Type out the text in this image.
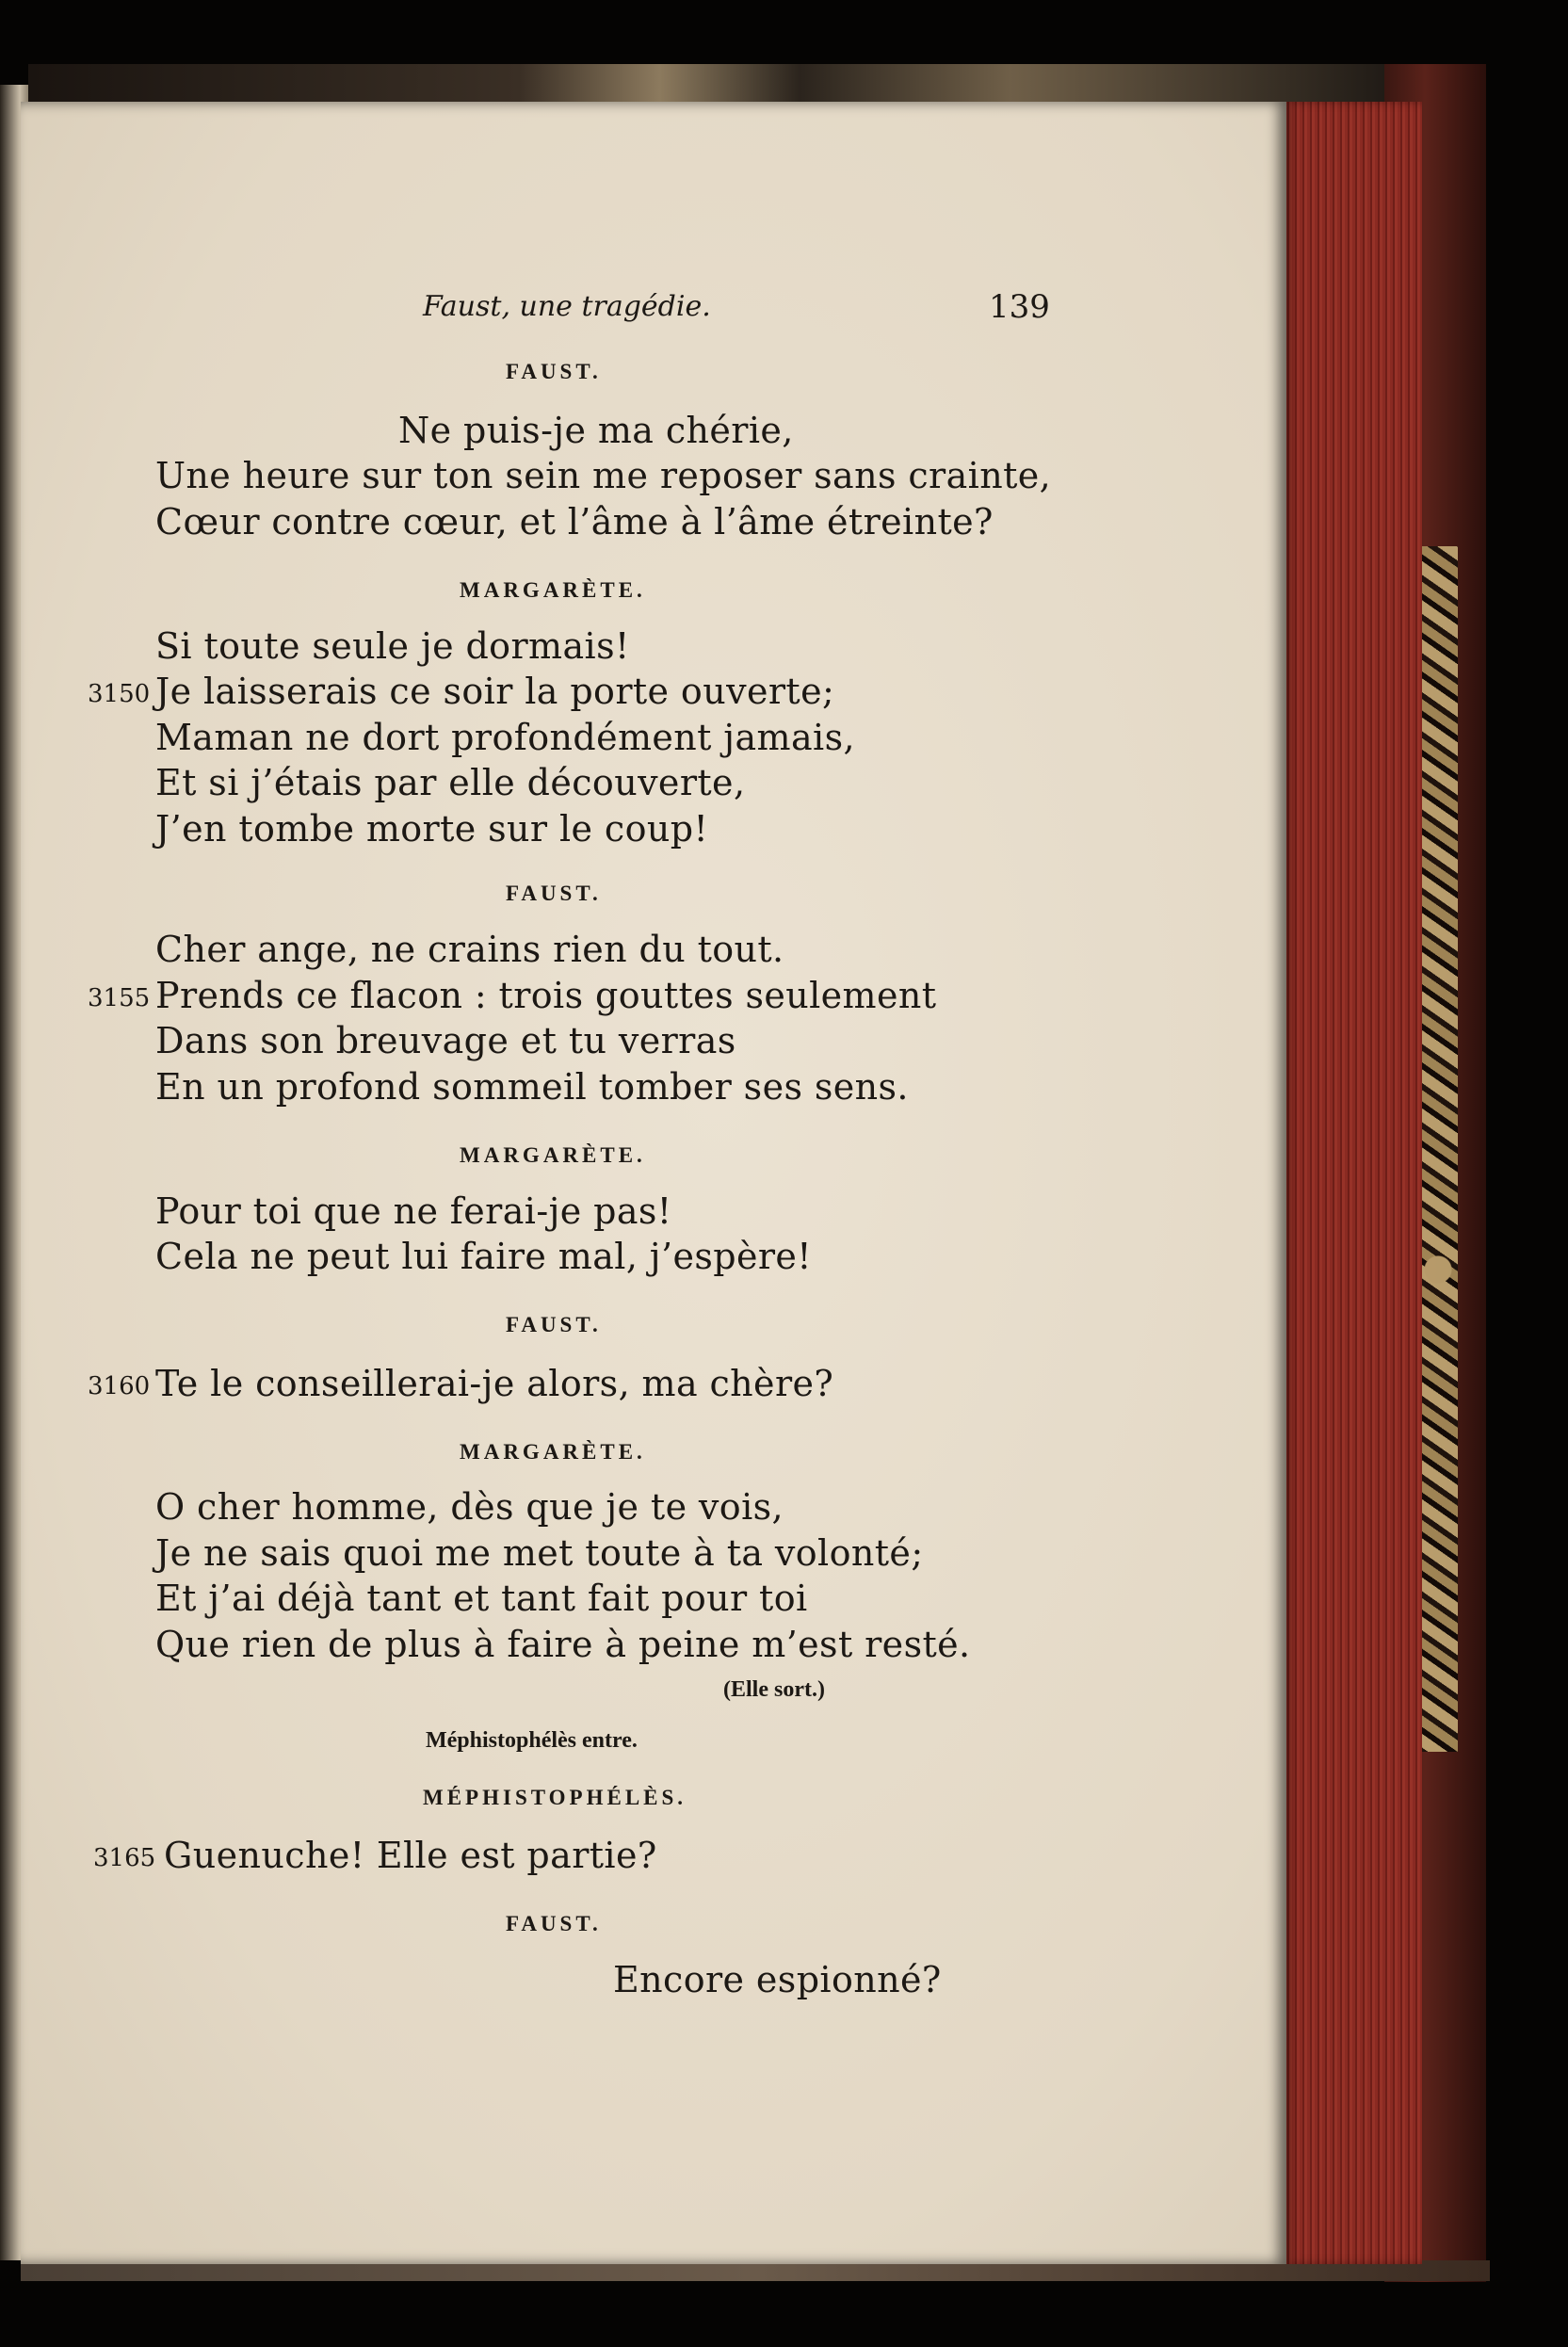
Faust, une tragédie.	139
FAUST.
Ne puis-je ma chérie,
Une heure sur ton sein me reposer sans crainte,
Cœur contre cœur, et l’âme à l’âme étreinte?
MARGARÈTE.
Si toute seule je dormais!
3150 Je laisserais ce soir la porte ouverte;
Maman ne dort profondément jamais,
Et si j’étais par elle découverte,
J’en tombe morte sur le coup!
FAUST.
Cher ange, ne crains rien du tout.
3155 Prends ce flacon : trois gouttes seulement
Dans son breuvage et tu verras
En un profond sommeil tomber ses sens.
MARGARÈTE.
Pour toi que ne ferai-je pas!
Cela ne peut lui faire mal, j’espère!
FAUST.
3160 Te le conseillerai-je alors, ma chère?
MARGARÈTE.
O cher homme, dès que je te vois,
Je ne sais quoi me met toute à ta volonté;
Et j’ai déjà tant et tant fait pour toi
Que rien de plus à faire à peine m’est resté.
(Elle sort.)
Méphistophélès entre.
MÉPHISTOPHÉLÈS.
3165 Guenuche! Elle est partie?
FAUST.
Encore espionné?
